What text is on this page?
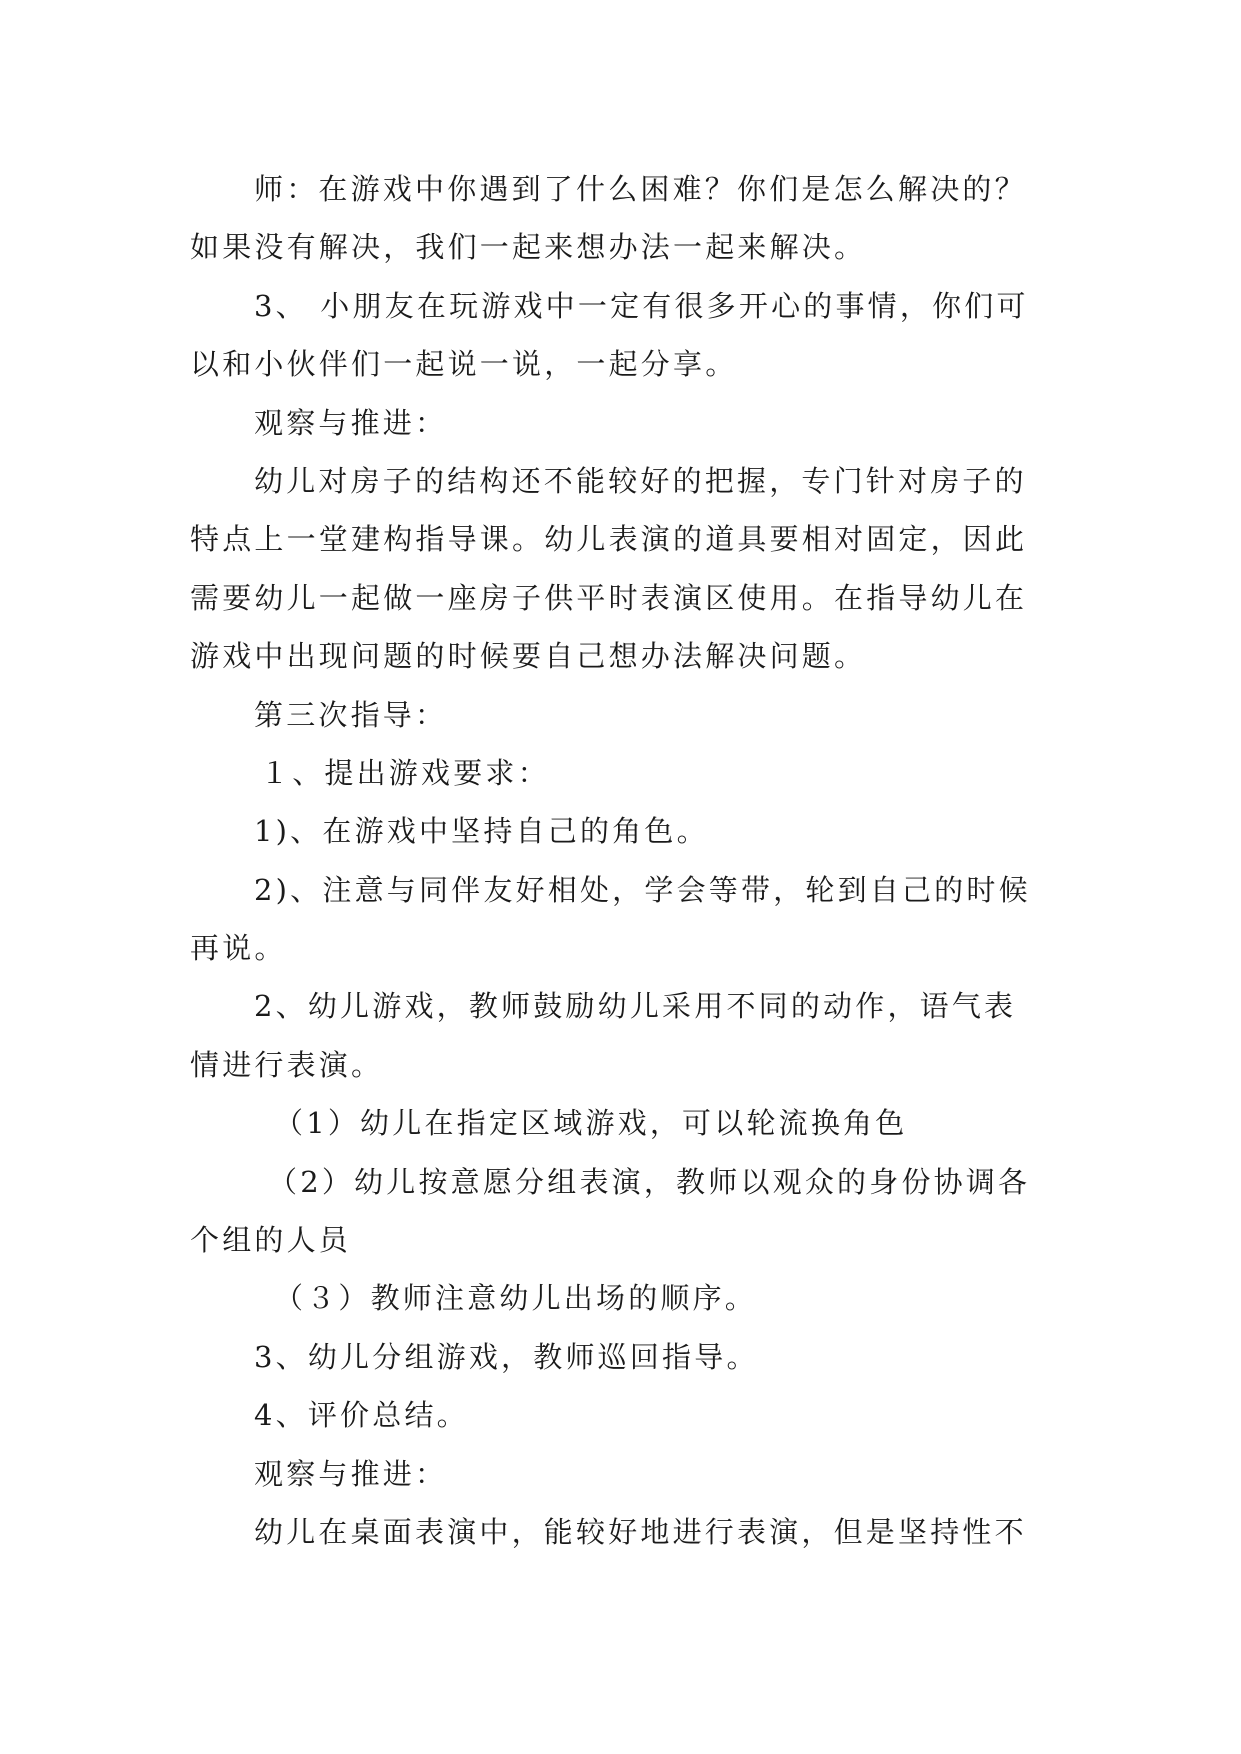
师：在游戏中你遇到了什么困难？你们是怎么解决的？
如果没有解决，我们一起来想办法一起来解决。
3、 小朋友在玩游戏中一定有很多开心的事情，你们可
以和小伙伴们一起说一说，一起分享。
观察与推进：
幼儿对房子的结构还不能较好的把握，专门针对房子的
特点上一堂建构指导课。幼儿表演的道具要相对固定，因此
需要幼儿一起做一座房子供平时表演区使用。在指导幼儿在
游戏中出现问题的时候要自己想办法解决问题。
第三次指导：
１、提出游戏要求：
1)、在游戏中坚持自己的角色。
2)、注意与同伴友好相处，学会等带，轮到自己的时候
再说。
2、幼儿游戏，教师鼓励幼儿采用不同的动作，语气表
情进行表演。
（1）幼儿在指定区域游戏，可以轮流换角色
（2）幼儿按意愿分组表演，教师以观众的身份协调各
个组的人员
（３）教师注意幼儿出场的顺序。
3、幼儿分组游戏，教师巡回指导。
4、评价总结。
观察与推进：
幼儿在桌面表演中，能较好地进行表演，但是坚持性不
